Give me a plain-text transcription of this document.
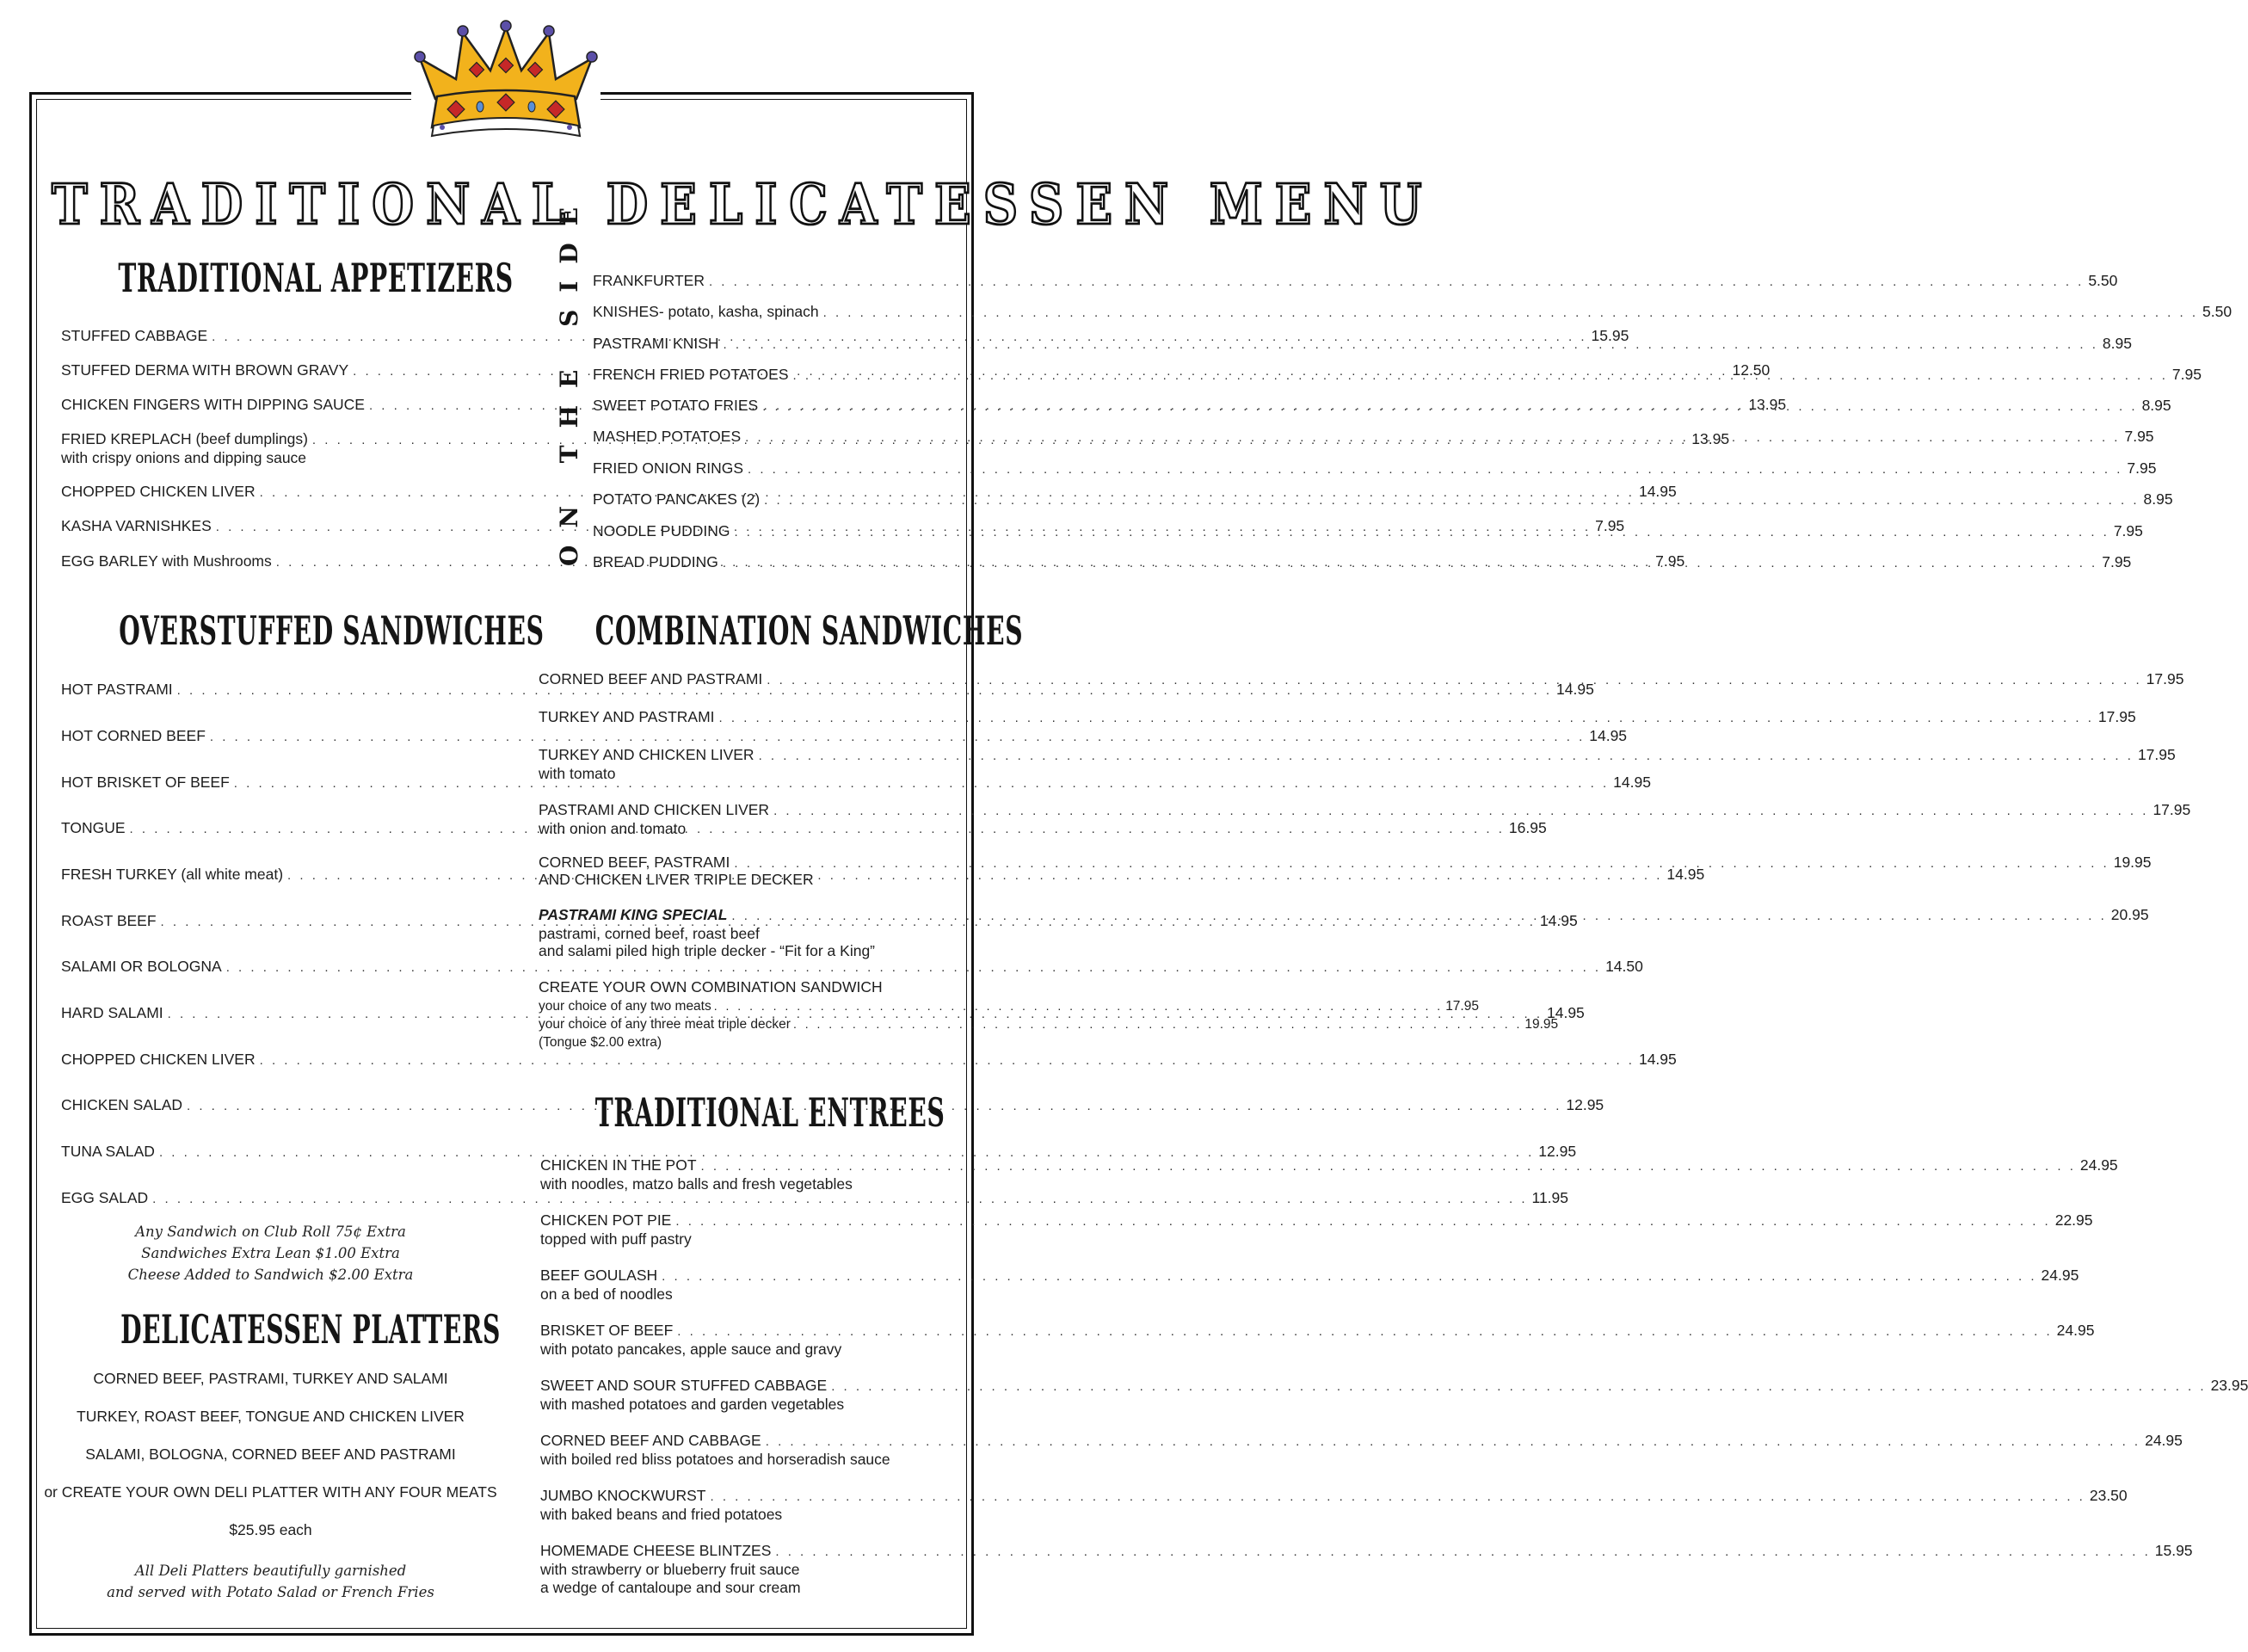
TRADITIONAL DELICATESSEN MENU
TRADITIONAL APPETIZERS
STUFFED CABBAGE . . .	15.95
STUFFED DERMA WITH BROWN GRAVY . . .	12.50
CHICKEN FINGERS WITH DIPPING SAUCE . . .	13.95
FRIED KREPLACH (beef dumplings) . . .	13.95
with crispy onions and dipping sauce
CHOPPED CHICKEN LIVER . . .	14.95
KASHA VARNISHKES . . .	7.95
EGG BARLEY with Mushrooms . . .	7.95
ON THE SIDE FRANKFURTER . . .	5.50
KNISHES- potato, kasha, spinach . . .	5.50
PASTRAMI KNISH . . .	8.95
FRENCH FRIED POTATOES . . .	7.95
SWEET POTATO FRIES . . .	8.95
MASHED POTATOES . . .	7.95
FRIED ONION RINGS . . .	7.95
POTATO PANCAKES (2) . . .	8.95
NOODLE PUDDING . . .	7.95
BREAD PUDDING . . .	7.95
OVERSTUFFED SANDWICHES
HOT PASTRAMI . . .	14.95
HOT CORNED BEEF . . .	14.95
HOT BRISKET OF BEEF . . .	14.95
TONGUE . . .	16.95
FRESH TURKEY (all white meat) . . .	14.95
ROAST BEEF . . .	14.95
SALAMI OR BOLOGNA . . .	14.50
HARD SALAMI . . .	14.95
CHOPPED CHICKEN LIVER . . .	14.95
CHICKEN SALAD . . .	12.95
TUNA SALAD . . .	12.95
EGG SALAD . . .	11.95
Any Sandwich on Club Roll 75¢ Extra
Sandwiches Extra Lean $1.00 Extra
Cheese Added to Sandwich $2.00 Extra
DELICATESSEN PLATTERS
CORNED BEEF, PASTRAMI, TURKEY AND SALAMI
TURKEY, ROAST BEEF, TONGUE AND CHICKEN LIVER
SALAMI, BOLOGNA, CORNED BEEF AND PASTRAMI
or CREATE YOUR OWN DELI PLATTER WITH ANY FOUR MEATS
$25.95 each
All Deli Platters beautifully garnished
and served with Potato Salad or French Fries
COMBINATION SANDWICHES
CORNED BEEF AND PASTRAMI . . .	17.95
TURKEY AND PASTRAMI . . .	17.95
TURKEY AND CHICKEN LIVER . . .	17.95
with tomato
PASTRAMI AND CHICKEN LIVER . . .	17.95
with onion and tomato
CORNED BEEF, PASTRAMI . . .	19.95
AND CHICKEN LIVER TRIPLE DECKER
PASTRAMI KING SPECIAL . . .	20.95
pastrami, corned beef, roast beef
and salami piled high triple decker - “Fit for a King”
CREATE YOUR OWN COMBINATION SANDWICH
your choice of any two meats . . .	17.95
your choice of any three meat triple decker . . .	19.95
(Tongue $2.00 extra)
TRADITIONAL ENTREES
CHICKEN IN THE POT . . .	24.95
with noodles, matzo balls and fresh vegetables
CHICKEN POT PIE . . .	22.95
topped with puff pastry
BEEF GOULASH . . .	24.95
on a bed of noodles
BRISKET OF BEEF . . .	24.95
with potato pancakes, apple sauce and gravy
SWEET AND SOUR STUFFED CABBAGE . . .	23.95
with mashed potatoes and garden vegetables
CORNED BEEF AND CABBAGE . . .	24.95
with boiled red bliss potatoes and horseradish sauce
JUMBO KNOCKWURST . . .	23.50
with baked beans and fried potatoes
HOMEMADE CHEESE BLINTZES . . .	15.95
with strawberry or blueberry fruit sauce
a wedge of cantaloupe and sour cream
